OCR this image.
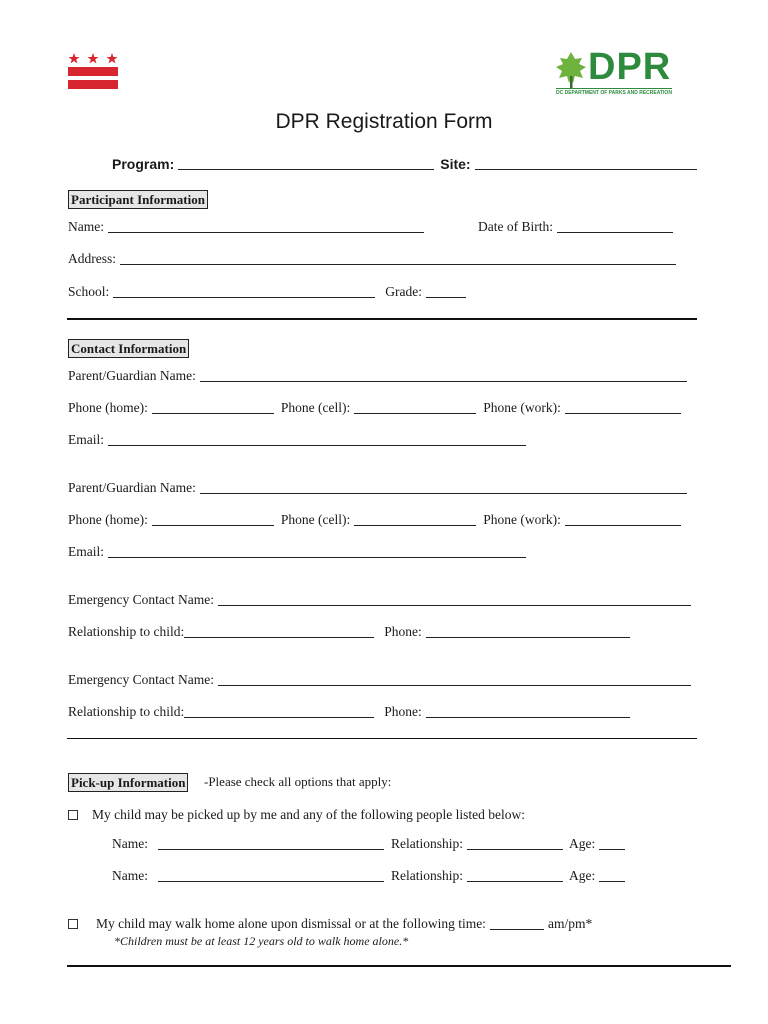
DPR
DC DEPARTMENT OF PARKS AND RECREATION
DPR Registration Form
Program:	Site:
Participant Information
Name:	Date of Birth:
Address:
School:	Grade:
Contact Information
Parent/Guardian Name:
Phone (home):	Phone (cell):	Phone (work):
Email:
Parent/Guardian Name:
Phone (home):	Phone (cell):	Phone (work):
Email:
Emergency Contact Name:
Relationship to child:	Phone:
Emergency Contact Name:
Relationship to child:	Phone:
Pick-up Information -Please check all options that apply:
My child may be picked up by me and any of the following people listed below:
Name:	Relationship:	Age:
Name:	Relationship:	Age:
My child may walk home alone upon dismissal or at the following time:	am/pm*
*Children must be at least 12 years old to walk home alone.*
